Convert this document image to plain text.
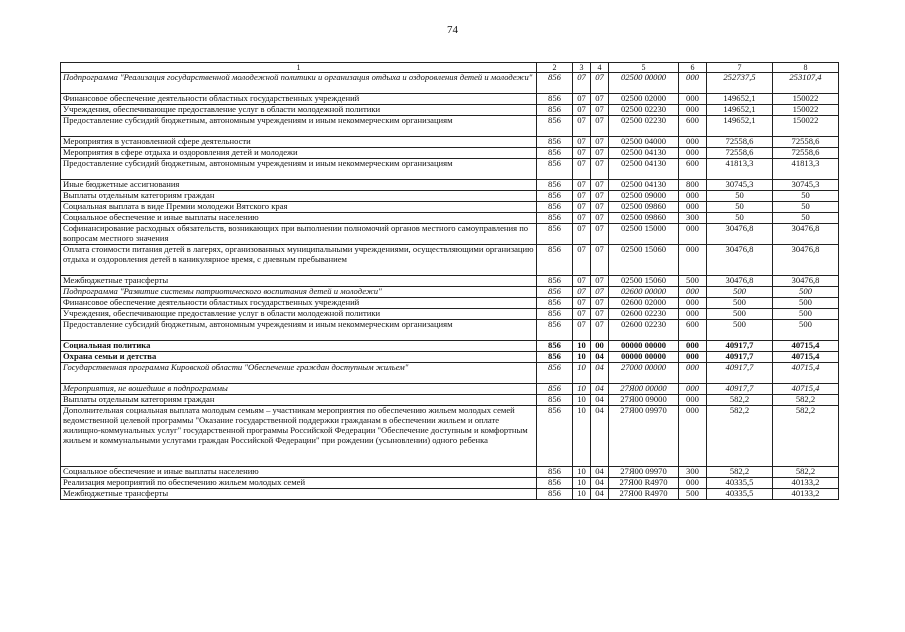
74
1	2	3	4	5	6	7	8
Подпрограмма "Реализация государственной молодежной политики и организация отдыха и оздоровления детей и молодежи"	856	07	07	02500 00000	000	252737,5	253107,4
Финансовое обеспечение деятельности областных государственных учреждений	856	07	07	02500 02000	000	149652,1	150022
Учреждения, обеспечивающие предоставление услуг в области молодежной политики	856	07	07	02500 02230	000	149652,1	150022
Предоставление субсидий бюджетным, автономным учреждениям и иным некоммерческим организациям	856	07	07	02500 02230	600	149652,1	150022
Мероприятия в установленной сфере деятельности	856	07	07	02500 04000	000	72558,6	72558,6
Мероприятия в сфере отдыха и оздоровления детей и молодежи	856	07	07	02500 04130	000	72558,6	72558,6
Предоставление субсидий бюджетным, автономным учреждениям и иным некоммерческим организациям	856	07	07	02500 04130	600	41813,3	41813,3
Иные бюджетные ассигнования	856	07	07	02500 04130	800	30745,3	30745,3
Выплаты отдельным категориям граждан	856	07	07	02500 09000	000	50	50
Социальная выплата в виде Премии молодежи Вятского края	856	07	07	02500 09860	000	50	50
Социальное обеспечение и иные выплаты населению	856	07	07	02500 09860	300	50	50
Софинансирование расходных обязательств, возникающих при выполнении полномочий органов местного самоуправления по вопросам местного значения	856	07	07	02500 15000	000	30476,8	30476,8
Оплата стоимости питания детей в лагерях, организованных муниципальными учреждениями, осуществляющими организацию отдыха и оздоровления детей в каникулярное время, с дневным пребыванием	856	07	07	02500 15060	000	30476,8	30476,8
Межбюджетные трансферты	856	07	07	02500 15060	500	30476,8	30476,8
Подпрограмма "Развитие системы патриотического воспитания детей и молодежи"	856	07	07	02600 00000	000	500	500
Финансовое обеспечение деятельности областных государственных учреждений	856	07	07	02600 02000	000	500	500
Учреждения, обеспечивающие предоставление услуг в области молодежной политики	856	07	07	02600 02230	000	500	500
Предоставление субсидий бюджетным, автономным учреждениям и иным некоммерческим организациям	856	07	07	02600 02230	600	500	500
Социальная политика	856	10	00	00000 00000	000	40917,7	40715,4
Охрана семьи и детства	856	10	04	00000 00000	000	40917,7	40715,4
Государственная программа Кировской области "Обеспечение граждан доступным жильем"	856	10	04	27000 00000	000	40917,7	40715,4
Мероприятия, не вошедшие в подпрограммы	856	10	04	27Я00 00000	000	40917,7	40715,4
Выплаты отдельным категориям граждан	856	10	04	27Я00 09000	000	582,2	582,2
Дополнительная социальная выплата молодым семьям – участникам мероприятия по обеспечению жильем молодых семей ведомственной целевой программы "Оказание государственной поддержки гражданам в обеспечении жильем и оплате жилищно-коммунальных услуг" государственной программы Российской Федерации "Обеспечение доступным и комфортным жильем и коммунальными услугами граждан Российской Федерации" при рождении (усыновлении) одного ребенка	856	10	04	27Я00 09970	000	582,2	582,2
Социальное обеспечение и иные выплаты населению	856	10	04	27Я00 09970	300	582,2	582,2
Реализация мероприятий по обеспечению жильем молодых семей	856	10	04	27Я00 R4970	000	40335,5	40133,2
Межбюджетные трансферты	856	10	04	27Я00 R4970	500	40335,5	40133,2
